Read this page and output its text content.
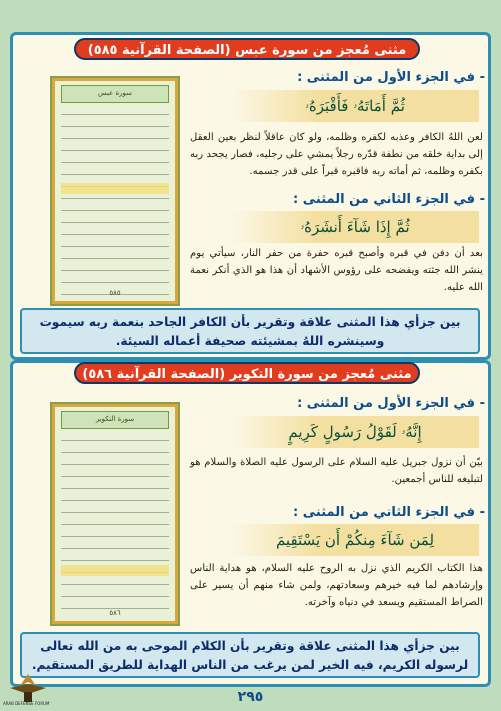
مثنى مُعجز من سورة عبس (الصفحة القرآنية ٥٨٥)
- في الجزء الأول من المثنى :
ثُمَّ أَمَاتَهُۥ فَأَقْبَرَهُۥ
لعن اللهُ الكافر وعذبه لكفره وظلمه، ولو كان عاقلاً لنظر بعين العقل إلى بداية خلقه من نطفة قدّره رجلاً يمشي على رجليه، فصار يجحد ربه بكفره وظلمه، ثم أماته ربه فاقبره قبراً على قدر جسمه.
- في الجزء الثاني من المثنى :
ثُمَّ إِذَا شَآءَ أَنشَرَهُۥ
بعد أن دفن في قبره وأصبح قبره حفرة من حفر النار، سيأتي يوم ينشر الله جثته ويفضحه على رؤوس الأشهاد أن هذا هو الذي أنكر نعمة الله عليه.
سورة عبس
٥٨٥
بين جزأي هذا المثنى علاقة وتقرير بأن الكافر الجاحد بنعمة ربه سيموت وسينشره اللهُ بمشيئته صحيفة أعماله السيئة.
مثنى مُعجز من سورة التكوير (الصفحة القرآنية ٥٨٦)
- في الجزء الأول من المثنى :
إِنَّهُۥ لَقَوْلُ رَسُولٍ كَرِيمٍ
بيّن أن نزول جبريل عليه السلام على الرسول عليه الصلاة والسلام هو لتبليغه للناس أجمعين.
- في الجزء الثاني من المثنى :
لِمَن شَآءَ مِنكُمْ أَن يَسْتَقِيمَ
هذا الكتاب الكريم الذي نزل به الروح عليه السلام، هو هداية الناس وإرشادهم لما فيه خيرهم وسعادتهم، ولمن شاء منهم أن يسير على الصراط المستقيم ويسعد في دنياه وآخرته.
سورة التكوير
٥٨٦
بين جزأي هذا المثنى علاقة وتقرير بأن الكلام الموحى به من الله تعالى لرسوله الكريم، فيه الخير لمن يرغب من الناس الهداية للطريق المستقيم.
٢٩٥
ARAB DEFENSE FORUM
